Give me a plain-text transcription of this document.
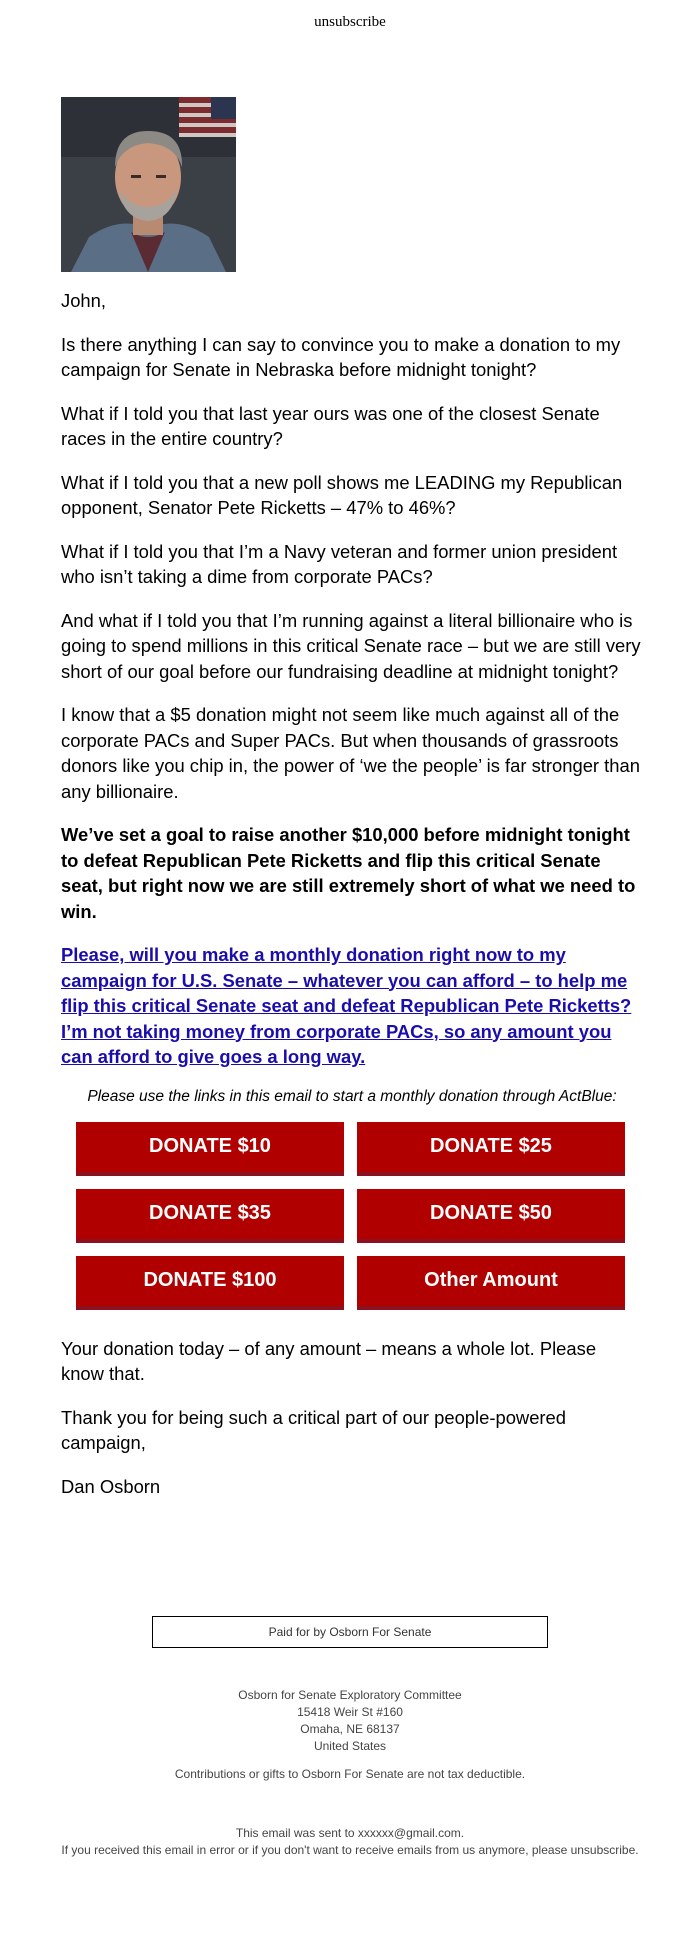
unsubscribe

John,

Is there anything I can say to convince you to make a donation to my campaign for Senate in Nebraska before midnight tonight?

What if I told you that last year ours was one of the closest Senate races in the entire country?

What if I told you that a new poll shows me LEADING my Republican opponent, Senator Pete Ricketts – 47% to 46%?

What if I told you that I’m a Navy veteran and former union president who isn’t taking a dime from corporate PACs?

And what if I told you that I’m running against a literal billionaire who is going to spend millions in this critical Senate race – but we are still very short of our goal before our fundraising deadline at midnight tonight?

I know that a $5 donation might not seem like much against all of the corporate PACs and Super PACs. But when thousands of grassroots donors like you chip in, the power of ‘we the people’ is far stronger than any billionaire.

We’ve set a goal to raise another $10,000 before midnight tonight to defeat Republican Pete Ricketts and flip this critical Senate seat, but right now we are still extremely short of what we need to win.

Please, will you make a monthly donation right now to my campaign for U.S. Senate – whatever you can afford – to help me flip this critical Senate seat and defeat Republican Pete Ricketts? I’m not taking money from corporate PACs, so any amount you can afford to give goes a long way.

Please use the links in this email to start a monthly donation through ActBlue:
DONATE $10	DONATE $25
DONATE $35	DONATE $50
DONATE $100	Other Amount

Your donation today – of any amount – means a whole lot. Please know that.

Thank you for being such a critical part of our people-powered campaign,

Dan Osborn

Paid for by Osborn For Senate
Osborn for Senate Exploratory Committee
15418 Weir St #160
Omaha, NE 68137
United States
Contributions or gifts to Osborn For Senate are not tax deductible.
This email was sent to xxxxxx@gmail.com.
If you received this email in error or if you don't want to receive emails from us anymore, please unsubscribe.
